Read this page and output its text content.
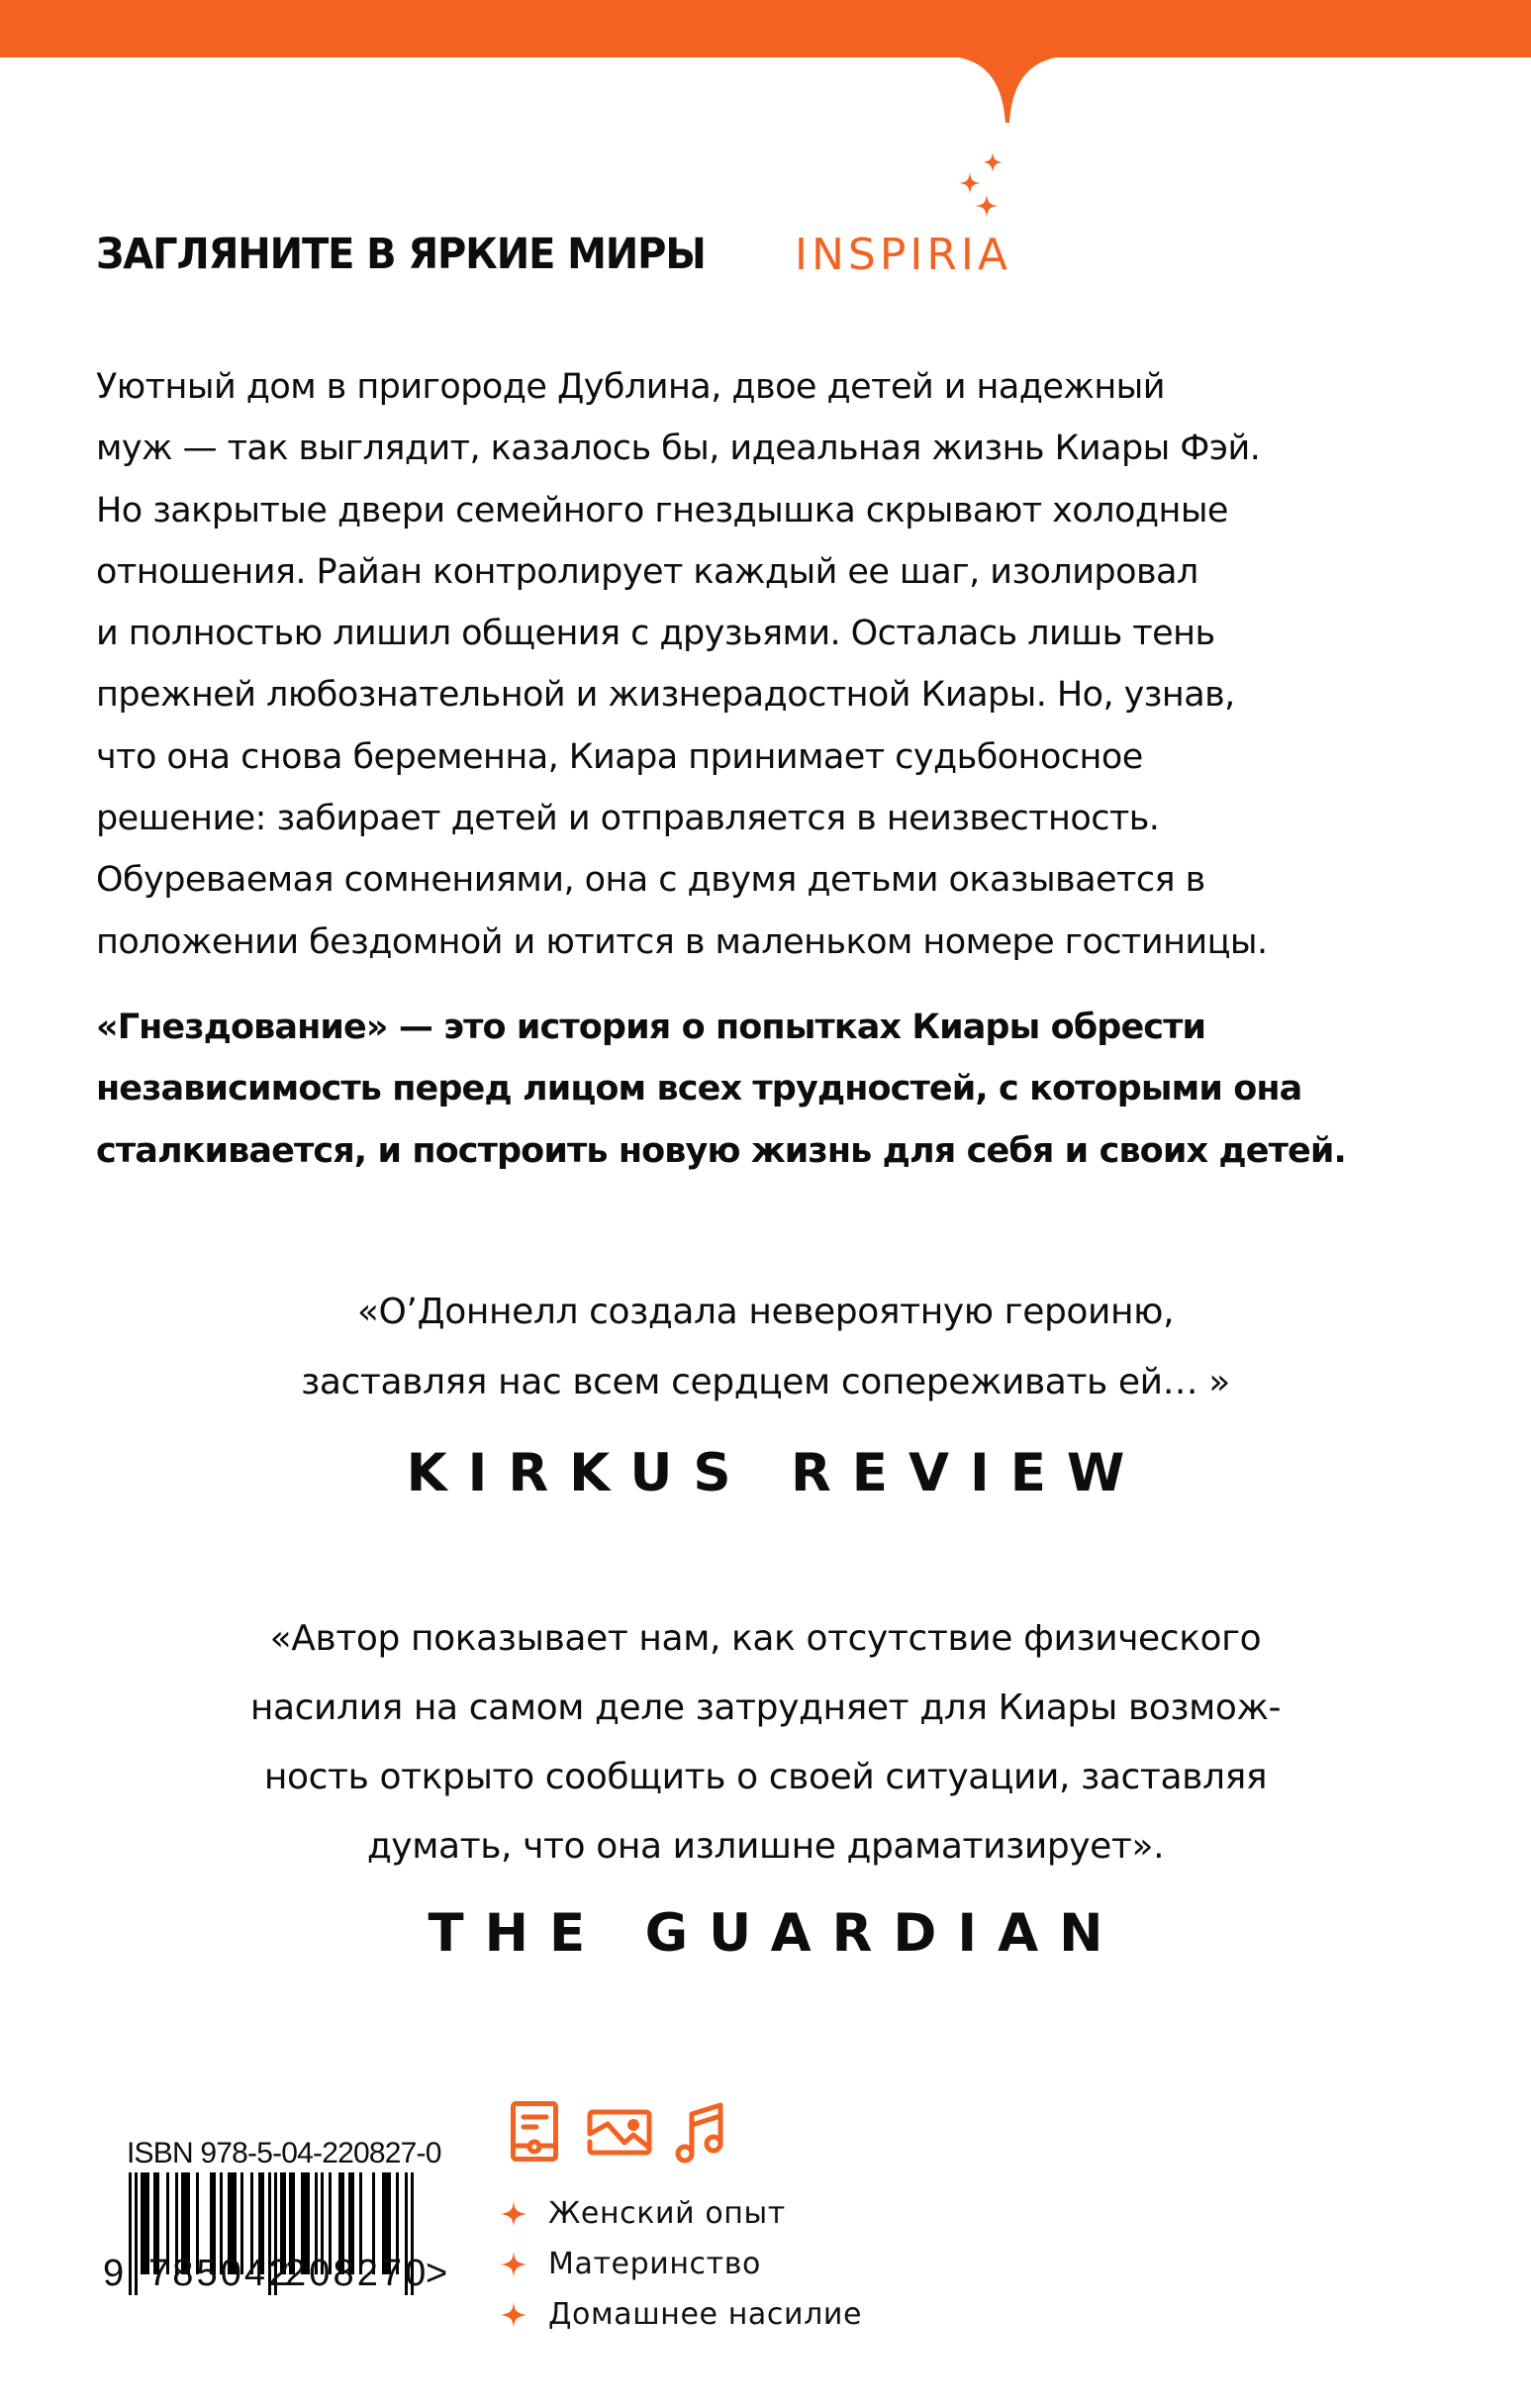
ЗАГЛЯНИТЕ В ЯРКИЕ МИРЫ INSPIRIA
Уютный дом в пригороде Дублина, двое детей и надежный
муж — так выглядит, казалось бы, идеальная жизнь Киары Фэй.
Но закрытые двери семейного гнездышка скрывают холодные
отношения. Райан контролирует каждый ее шаг, изолировал
и полностью лишил общения с друзьями. Осталась лишь тень
прежней любознательной и жизнерадостной Киары. Но, узнав,
что она снова беременна, Киара принимает судьбоносное
решение: забирает детей и отправляется в неизвестность.
Обуреваемая сомнениями, она с двумя детьми оказывается в
положении бездомной и ютится в маленьком номере гостиницы.
«Гнездование» — это история о попытках Киары обрести
независимость перед лицом всех трудностей, с которыми она
сталкивается, и построить новую жизнь для себя и своих детей.
«О’Доннелл создала невероятную героиню,
заставляя нас всем сердцем сопереживать ей… »
KIRKUS REVIEW
«Автор показывает нам, как отсутствие физического
насилия на самом деле затрудняет для Киары возмож-
ность открыто сообщить о своей ситуации, заставляя
думать, что она излишне драматизирует».
THE GUARDIAN
ISBN 978-5-04-220827-0
9 785042
208270
>
Женский опыт
Материнство
Домашнее насилие
